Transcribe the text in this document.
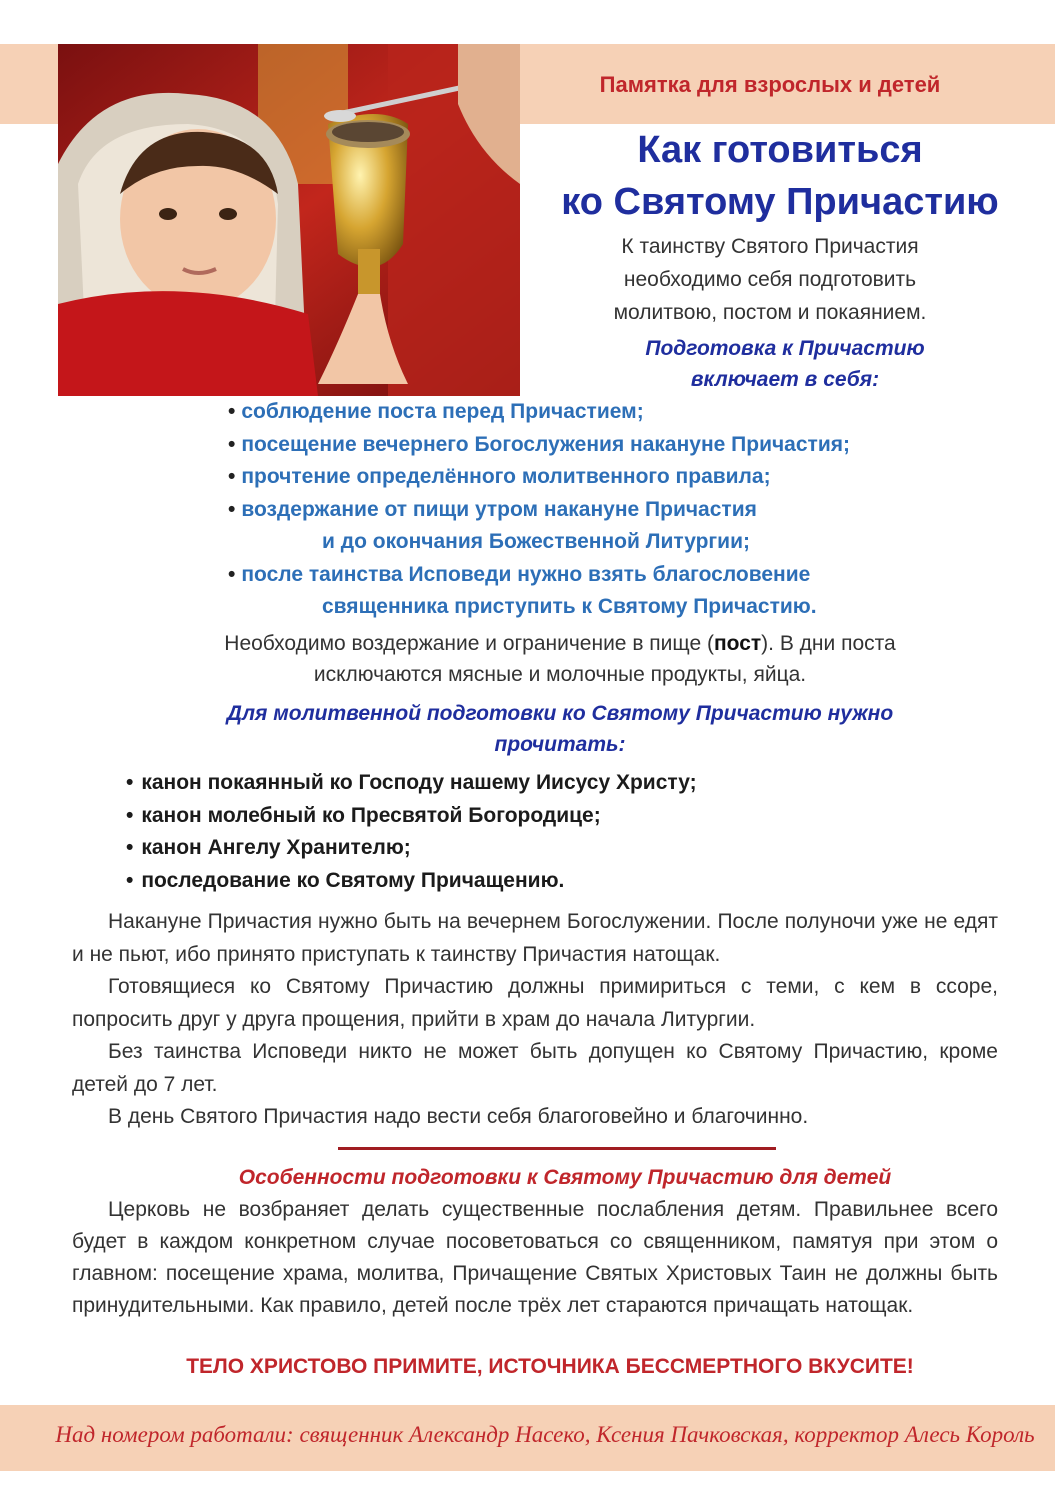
Памятка для взрослых и детей
Как готовиться
ко Святому Причастию
К таинству Святого Причастия
необходимо себя подготовить
молитвою, постом и покаянием.
Подготовка к Причастию
включает в себя:
• соблюдение поста перед Причастием;
• посещение вечернего Богослужения накануне Причастия;
• прочтение определённого молитвенного правила;
• воздержание от пищи утром накануне Причастия
и до окончания Божественной Литургии;
• после таинства Исповеди нужно взять благословение
священника приступить к Святому Причастию.
Необходимо воздержание и ограничение в пище (пост). В дни поста
исключаются мясные и молочные продукты, яйца.
Для молитвенной подготовки ко Святому Причастию нужно
прочитать:
• канон покаянный ко Господу нашему Иисусу Христу;
• канон молебный ко Пресвятой Богородице;
• канон Ангелу Хранителю;
• последование ко Святому Причащению.

Накануне Причастия нужно быть на вечернем Богослужении. После полуночи уже не едят и не пьют, ибо принято приступать к таинству Причастия натощак.

Готовящиеся ко Святому Причастию должны примириться с теми, с кем в ссоре, попросить друг у друга прощения, прийти в храм до начала Литургии.

Без таинства Исповеди никто не может быть допущен ко Святому Причастию, кроме детей до 7 лет.

В день Святого Причастия надо вести себя благоговейно и благочинно.

Особенности подготовки к Святому Причастию для детей
Церковь не возбраняет делать существенные послабления детям. Правильнее всего будет в каждом конкретном случае посоветоваться со священником, памятуя при этом о главном: посещение храма, молитва, Причащение Святых Христовых Таин не должны быть принудительными. Как правило, детей после трёх лет стараются причащать натощак.
ТЕЛО ХРИСТОВО ПРИМИТЕ, ИСТОЧНИКА БЕССМЕРТНОГО ВКУСИТЕ!
Над номером работали: священник Александр Насеко, Ксения Пачковская, корректор Алесь Король
